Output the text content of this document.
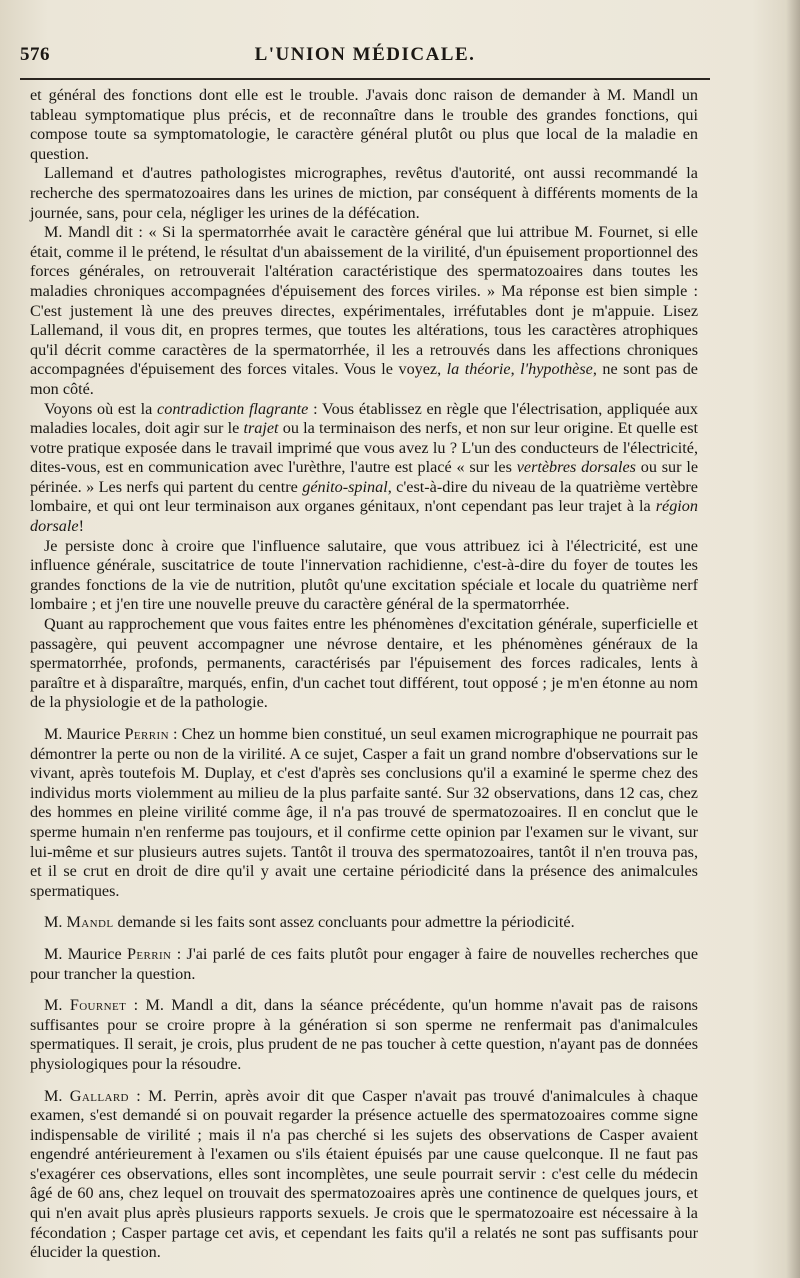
576	L'UNION MÉDICALE.

et général des fonctions dont elle est le trouble. J'avais donc raison de demander à M. Mandl un tableau symptomatique plus précis, et de reconnaître dans le trouble des grandes fonctions, qui compose toute sa symptomatologie, le caractère général plutôt ou plus que local de la maladie en question.

Lallemand et d'autres pathologistes micrographes, revêtus d'autorité, ont aussi recommandé la recherche des spermatozoaires dans les urines de miction, par conséquent à différents moments de la journée, sans, pour cela, négliger les urines de la défécation.

M. Mandl dit : « Si la spermatorrhée avait le caractère général que lui attribue M. Fournet, si elle était, comme il le prétend, le résultat d'un abaissement de la virilité, d'un épuisement proportionnel des forces générales, on retrouverait l'altération caractéristique des spermatozoaires dans toutes les maladies chroniques accompagnées d'épuisement des forces viriles. » Ma réponse est bien simple : C'est justement là une des preuves directes, expérimentales, irréfutables dont je m'appuie. Lisez Lallemand, il vous dit, en propres termes, que toutes les altérations, tous les caractères atrophiques qu'il décrit comme caractères de la spermatorrhée, il les a retrouvés dans les affections chroniques accompagnées d'épuisement des forces vitales. Vous le voyez, la théorie, l'hypothèse, ne sont pas de mon côté.

Voyons où est la contradiction flagrante : Vous établissez en règle que l'électrisation, appliquée aux maladies locales, doit agir sur le trajet ou la terminaison des nerfs, et non sur leur origine. Et quelle est votre pratique exposée dans le travail imprimé que vous avez lu ? L'un des conducteurs de l'électricité, dites-vous, est en communication avec l'urèthre, l'autre est placé « sur les vertèbres dorsales ou sur le périnée. » Les nerfs qui partent du centre génito-spinal, c'est-à-dire du niveau de la quatrième vertèbre lombaire, et qui ont leur terminaison aux organes génitaux, n'ont cependant pas leur trajet à la région dorsale!

Je persiste donc à croire que l'influence salutaire, que vous attribuez ici à l'électricité, est une influence générale, suscitatrice de toute l'innervation rachidienne, c'est-à-dire du foyer de toutes les grandes fonctions de la vie de nutrition, plutôt qu'une excitation spéciale et locale du quatrième nerf lombaire ; et j'en tire une nouvelle preuve du caractère général de la spermatorrhée.

Quant au rapprochement que vous faites entre les phénomènes d'excitation générale, superficielle et passagère, qui peuvent accompagner une névrose dentaire, et les phénomènes généraux de la spermatorrhée, profonds, permanents, caractérisés par l'épuisement des forces radicales, lents à paraître et à disparaître, marqués, enfin, d'un cachet tout différent, tout opposé ; je m'en étonne au nom de la physiologie et de la pathologie.

M. Maurice Perrin : Chez un homme bien constitué, un seul examen micrographique ne pourrait pas démontrer la perte ou non de la virilité. A ce sujet, Casper a fait un grand nombre d'observations sur le vivant, après toutefois M. Duplay, et c'est d'après ses conclusions qu'il a examiné le sperme chez des individus morts violemment au milieu de la plus parfaite santé. Sur 32 observations, dans 12 cas, chez des hommes en pleine virilité comme âge, il n'a pas trouvé de spermatozoaires. Il en conclut que le sperme humain n'en renferme pas toujours, et il confirme cette opinion par l'examen sur le vivant, sur lui-même et sur plusieurs autres sujets. Tantôt il trouva des spermatozoaires, tantôt il n'en trouva pas, et il se crut en droit de dire qu'il y avait une certaine périodicité dans la présence des animalcules spermatiques.

M. Mandl demande si les faits sont assez concluants pour admettre la périodicité.

M. Maurice Perrin : J'ai parlé de ces faits plutôt pour engager à faire de nouvelles recherches que pour trancher la question.

M. Fournet : M. Mandl a dit, dans la séance précédente, qu'un homme n'avait pas de raisons suffisantes pour se croire propre à la génération si son sperme ne renfermait pas d'animalcules spermatiques. Il serait, je crois, plus prudent de ne pas toucher à cette question, n'ayant pas de données physiologiques pour la résoudre.

M. Gallard : M. Perrin, après avoir dit que Casper n'avait pas trouvé d'animalcules à chaque examen, s'est demandé si on pouvait regarder la présence actuelle des spermatozoaires comme signe indispensable de virilité ; mais il n'a pas cherché si les sujets des observations de Casper avaient engendré antérieurement à l'examen ou s'ils étaient épuisés par une cause quelconque. Il ne faut pas s'exagérer ces observations, elles sont incomplètes, une seule pourrait servir : c'est celle du médecin âgé de 60 ans, chez lequel on trouvait des spermatozoaires après une continence de quelques jours, et qui n'en avait plus après plusieurs rapports sexuels. Je crois que le spermatozoaire est nécessaire à la fécondation ; Casper partage cet avis, et cependant les faits qu'il a relatés ne sont pas suffisants pour élucider la question.
